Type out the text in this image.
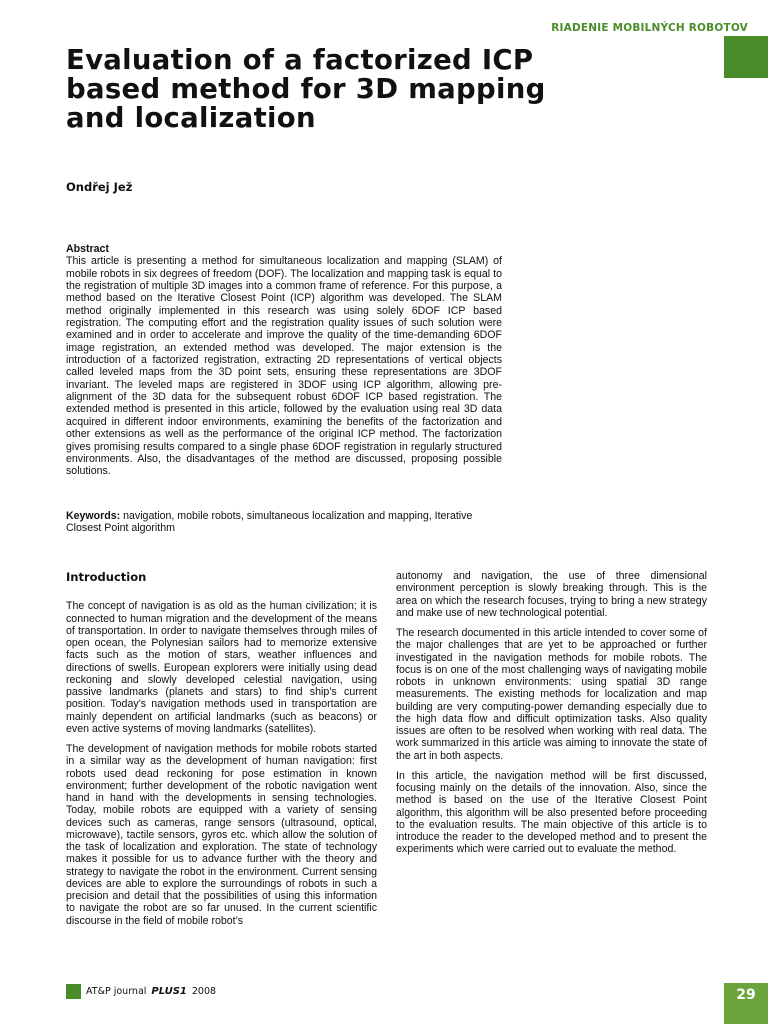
RIADENIE MOBILNÝCH ROBOTOV
Evaluation of a factorized ICP based method for 3D mapping and localization
Ondřej Jež
Abstract
This article is presenting a method for simultaneous localization and mapping (SLAM) of mobile robots in six degrees of freedom (DOF). The localization and mapping task is equal to the registration of multiple 3D images into a common frame of reference. For this purpose, a method based on the Iterative Closest Point (ICP) algorithm was developed. The SLAM method originally implemented in this research was using solely 6DOF ICP based registration. The computing effort and the registration quality issues of such solution were examined and in order to accelerate and improve the quality of the time-demanding 6DOF image registration, an extended method was developed. The major extension is the introduction of a factorized registration, extracting 2D representations of vertical objects called leveled maps from the 3D point sets, ensuring these representations are 3DOF invariant. The leveled maps are registered in 3DOF using ICP algorithm, allowing pre-alignment of the 3D data for the subsequent robust 6DOF ICP based registration. The extended method is presented in this article, followed by the evaluation using real 3D data acquired in different indoor environments, examining the benefits of the factorization and other extensions as well as the performance of the original ICP method. The factorization gives promising results compared to a single phase 6DOF registration in regularly structured environments. Also, the disadvantages of the method are discussed, proposing possible solutions.
Keywords: navigation, mobile robots, simultaneous localization and mapping, Iterative Closest Point algorithm
Introduction

The concept of navigation is as old as the human civilization; it is connected to human migration and the development of the means of transportation. In order to navigate themselves through miles of open ocean, the Polynesian sailors had to memorize extensive facts such as the motion of stars, weather influences and directions of swells. European explorers were initially using dead reckoning and slowly developed celestial navigation, using passive landmarks (planets and stars) to find ship’s current position. Today’s navigation methods used in transportation are mainly dependent on artificial landmarks (such as beacons) or even active systems of moving landmarks (satellites).

The development of navigation methods for mobile robots started in a similar way as the development of human navigation: first robots used dead reckoning for pose estimation in known environment; further development of the robotic navigation went hand in hand with the developments in sensing technologies. Today, mobile robots are equipped with a variety of sensing devices such as cameras, range sensors (ultrasound, optical, microwave), tactile sensors, gyros etc. which allow the solution of the task of localization and exploration. The state of technology makes it possible for us to advance further with the theory and strategy to navigate the robot in the environment. Current sensing devices are able to explore the surroundings of robots in such a precision and detail that the possibilities of using this information to navigate the robot are so far unused. In the current scientific discourse in the field of mobile robot’s

autonomy and navigation, the use of three dimensional environment perception is slowly breaking through. This is the area on which the research focuses, trying to bring a new strategy and make use of new technological potential.

The research documented in this article intended to cover some of the major challenges that are yet to be approached or further investigated in the navigation methods for mobile robots. The focus is on one of the most challenging ways of navigating mobile robots in unknown environments: using spatial 3D range measurements. The existing methods for localization and map building are very computing-power demanding especially due to the high data flow and difficult optimization tasks. Also quality issues are often to be resolved when working with real data. The work summarized in this article was aiming to innovate the state of the art in both aspects.

In this article, the navigation method will be first discussed, focusing mainly on the details of the innovation. Also, since the method is based on the use of the Iterative Closest Point algorithm, this algorithm will be also presented before proceeding to the evaluation results. The main objective of this article is to introduce the reader to the developed method and to present the experiments which were carried out to evaluate the method.

AT&P journal PLUS1 2008	29
